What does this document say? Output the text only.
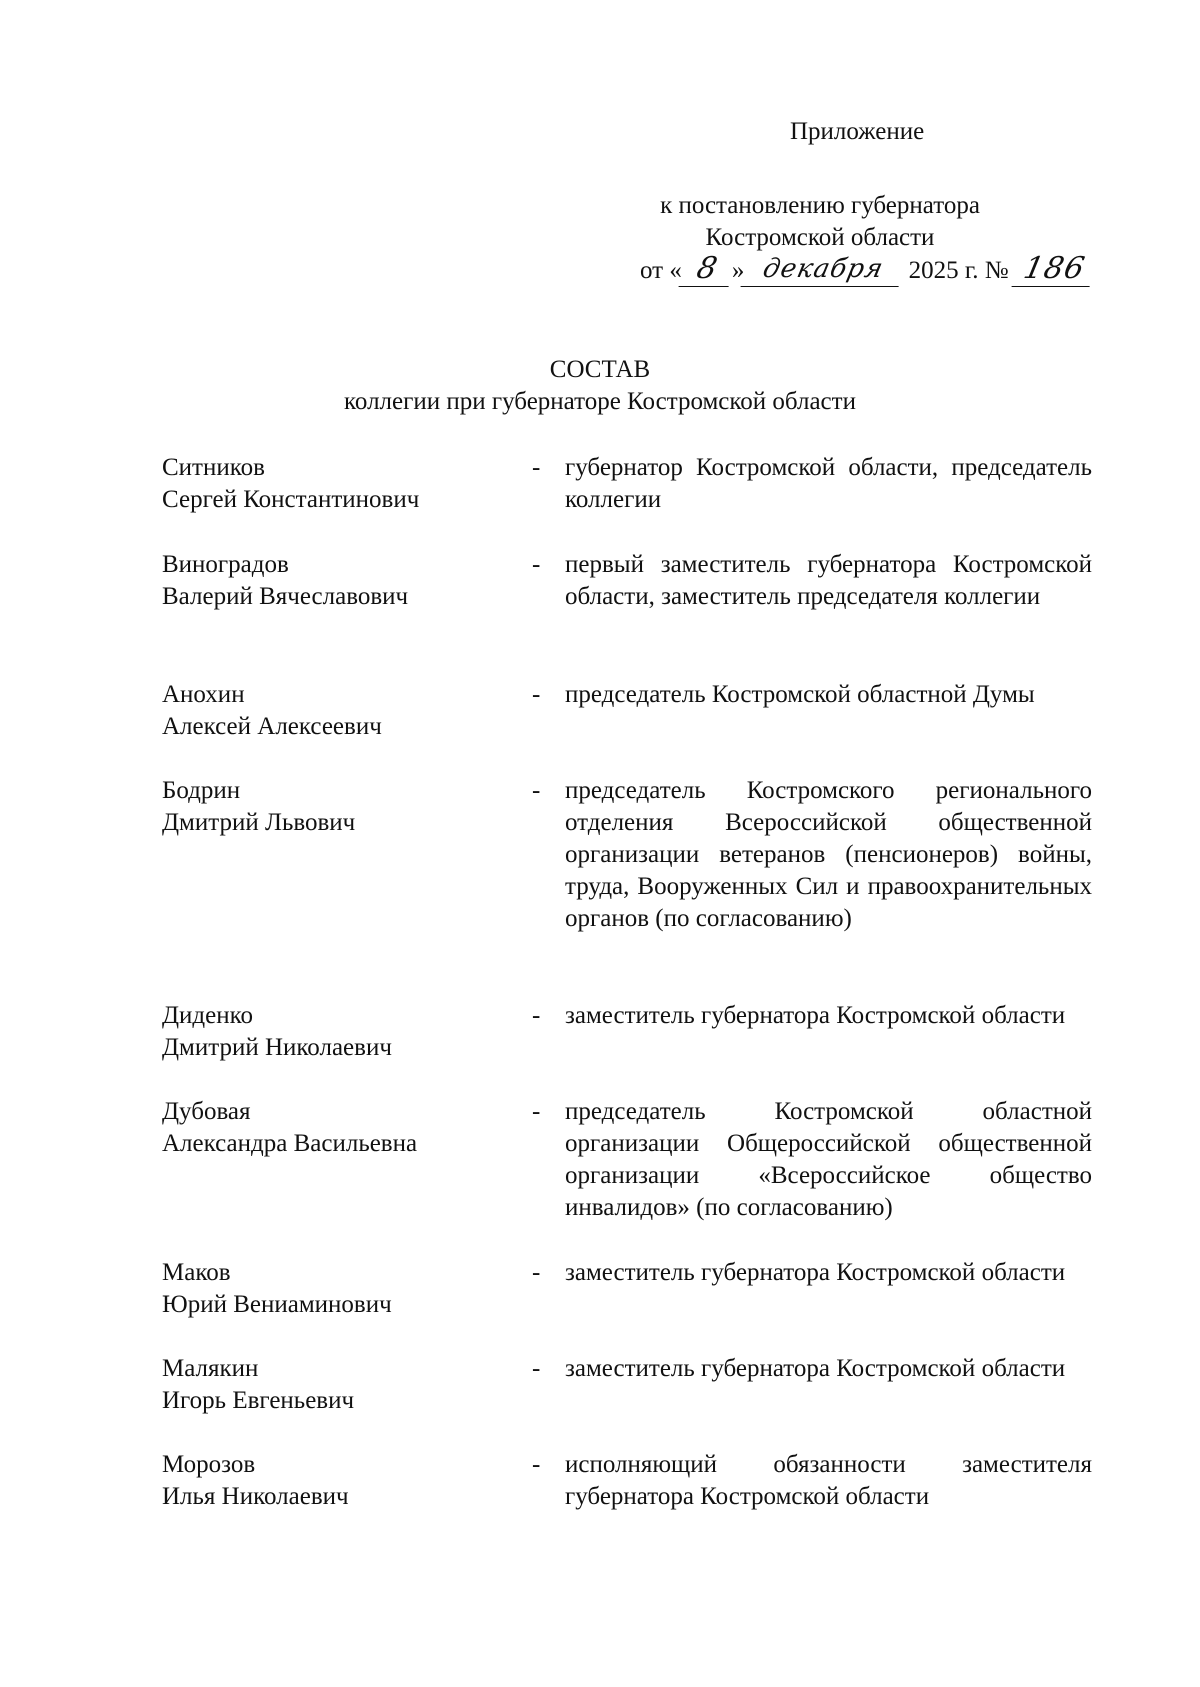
Приложение
к постановлению губернатора
Костромской области
от « 8 » декабря 2025 г. № 186
СОСТАВ
коллегии при губернаторе Костромской области
Ситников
Сергей Константинович
- губернатор Костромской области, председатель коллегии
Виноградов
Валерий Вячеславович
- первый заместитель губернатора Костромской области, заместитель председателя коллегии
Анохин
Алексей Алексеевич
- председатель Костромской областной Думы
Бодрин
Дмитрий Львович
- председатель Костромского регионального отделения Всероссийской общественной организации ветеранов (пенсионеров) войны, труда, Вооруженных Сил и правоохранительных органов (по согласованию)
Диденко
Дмитрий Николаевич
- заместитель губернатора Костромской области
Дубовая
Александра Васильевна
- председатель Костромской областной организации Общероссийской общественной организации «Всероссийское общество инвалидов» (по согласованию)
Маков
Юрий Вениаминович
- заместитель губернатора Костромской области
Малякин
Игорь Евгеньевич
- заместитель губернатора Костромской области
Морозов
Илья Николаевич
- исполняющий обязанности заместителя губернатора Костромской области
